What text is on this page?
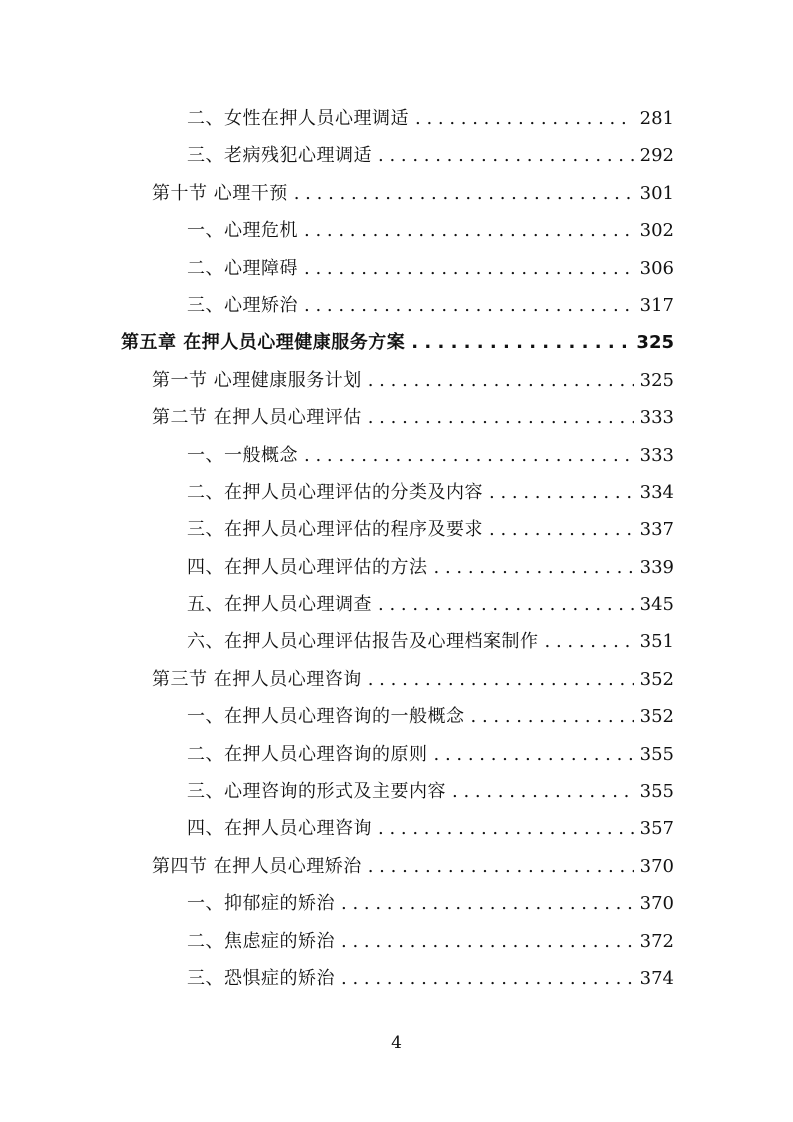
二、女性在押人员心理调适 . . .	281
三、老病残犯心理调适 . . .	292
第十节 心理干预 . . .	301
一、心理危机 . . .	302
二、心理障碍 . . .	306
三、心理矫治 . . .	317
第五章 在押人员心理健康服务方案 . . .	325
第一节 心理健康服务计划 . . .	325
第二节 在押人员心理评估 . . .	333
一、一般概念 . . .	333
二、在押人员心理评估的分类及内容 . . .	334
三、在押人员心理评估的程序及要求 . . .	337
四、在押人员心理评估的方法 . . .	339
五、在押人员心理调查 . . .	345
六、在押人员心理评估报告及心理档案制作 . . .	351
第三节 在押人员心理咨询 . . .	352
一、在押人员心理咨询的一般概念 . . .	352
二、在押人员心理咨询的原则 . . .	355
三、心理咨询的形式及主要内容 . . .	355
四、在押人员心理咨询 . . .	357
第四节 在押人员心理矫治 . . .	370
一、抑郁症的矫治 . . .	370
二、焦虑症的矫治 . . .	372
三、恐惧症的矫治 . . .	374
4
